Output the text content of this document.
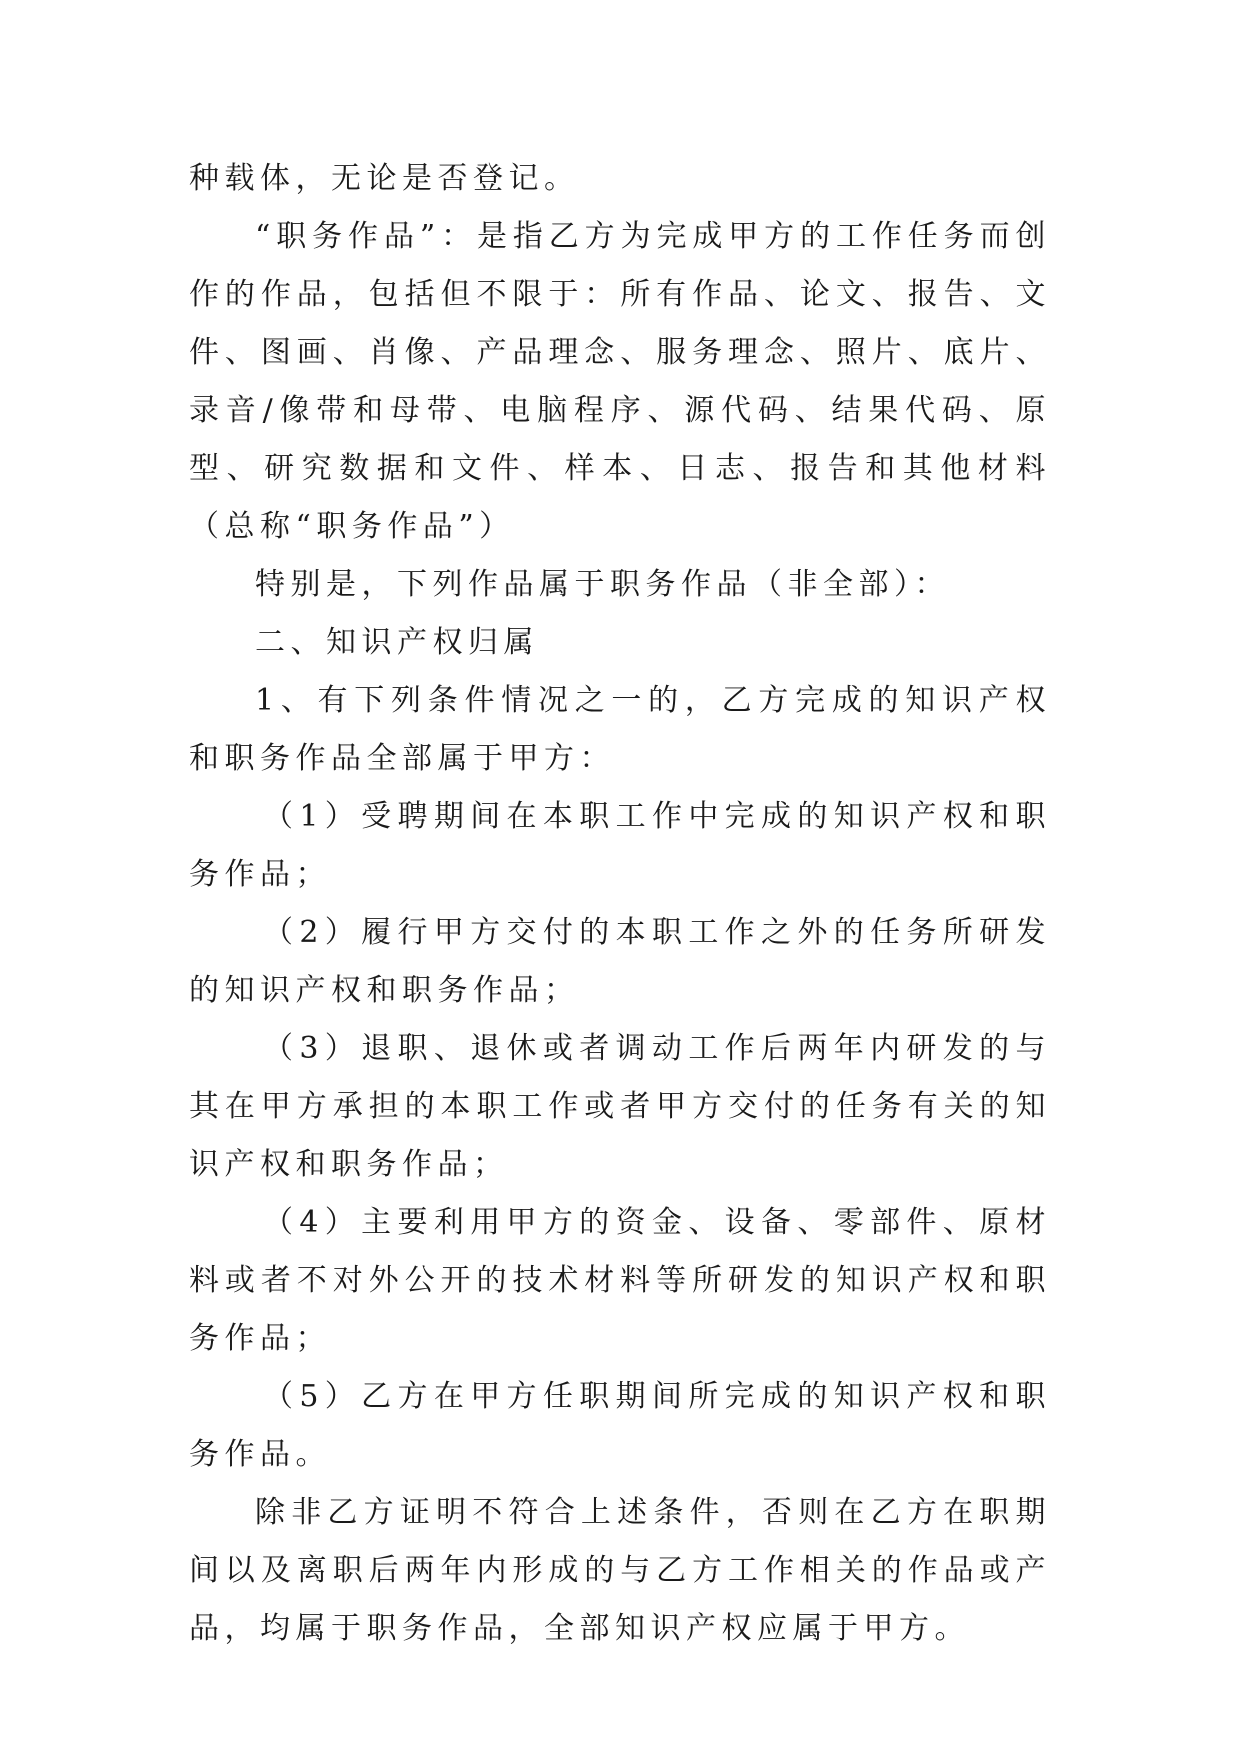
种载体，无论是否登记。

“职务作品”：是指乙方为完成甲方的工作任务而创作的作品，包括但不限于：所有作品、论文、报告、文件、图画、肖像、产品理念、服务理念、照片、底片、录音/像带和母带、电脑程序、源代码、结果代码、原型、研究数据和文件、样本、日志、报告和其他材料（总称“职务作品”）

特别是，下列作品属于职务作品（非全部）：

二、知识产权归属

1、有下列条件情况之一的，乙方完成的知识产权和职务作品全部属于甲方：

（1）受聘期间在本职工作中完成的知识产权和职务作品；

（2）履行甲方交付的本职工作之外的任务所研发的知识产权和职务作品；

（3）退职、退休或者调动工作后两年内研发的与其在甲方承担的本职工作或者甲方交付的任务有关的知识产权和职务作品；

（4）主要利用甲方的资金、设备、零部件、原材料或者不对外公开的技术材料等所研发的知识产权和职务作品；

（5）乙方在甲方任职期间所完成的知识产权和职务作品。

除非乙方证明不符合上述条件，否则在乙方在职期间以及离职后两年内形成的与乙方工作相关的作品或产品，均属于职务作品，全部知识产权应属于甲方。
